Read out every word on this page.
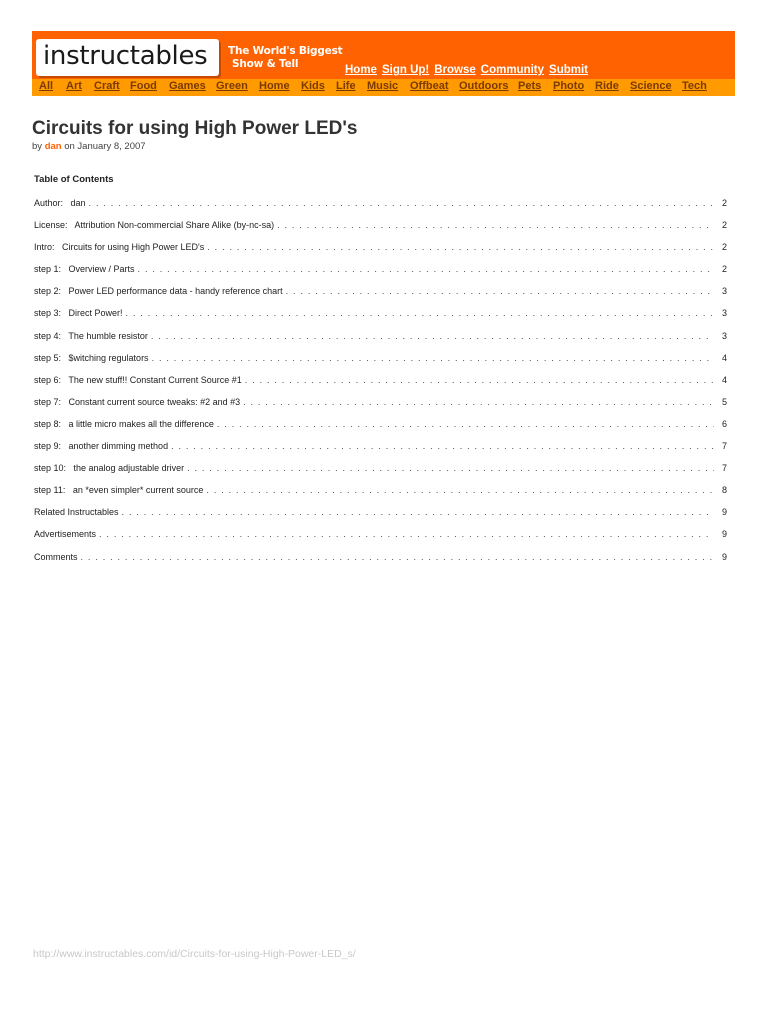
instructables The World's Biggest
Show & Tell	Home Sign Up! Browse Community Submit
All Art Craft Food Games Green Home Kids Life Music Offbeat Outdoors Pets Photo Ride Science Tech
Circuits for using High Power LED's
by dan on January 8, 2007
Table of Contents
Author:   dan . . .	2
License:   Attribution Non-commercial Share Alike (by-nc-sa) . . .	2
Intro:   Circuits for using High Power LED's . . .	2
step 1:   Overview / Parts . . .	2
step 2:   Power LED performance data - handy reference chart . . .	3
step 3:   Direct Power! . . .	3
step 4:   The humble resistor . . .	3
step 5:   $witching regulators . . .	4
step 6:   The new stuff!! Constant Current Source #1 . . .	4
step 7:   Constant current source tweaks: #2 and #3 . . .	5
step 8:   a little micro makes all the difference . . .	6
step 9:   another dimming method . . .	7
step 10:   the analog adjustable driver . . .	7
step 11:   an *even simpler* current source . . .	8
Related Instructables . . .	9
Advertisements . . .	9
Comments . . .	9
http://www.instructables.com/id/Circuits-for-using-High-Power-LED_s/
